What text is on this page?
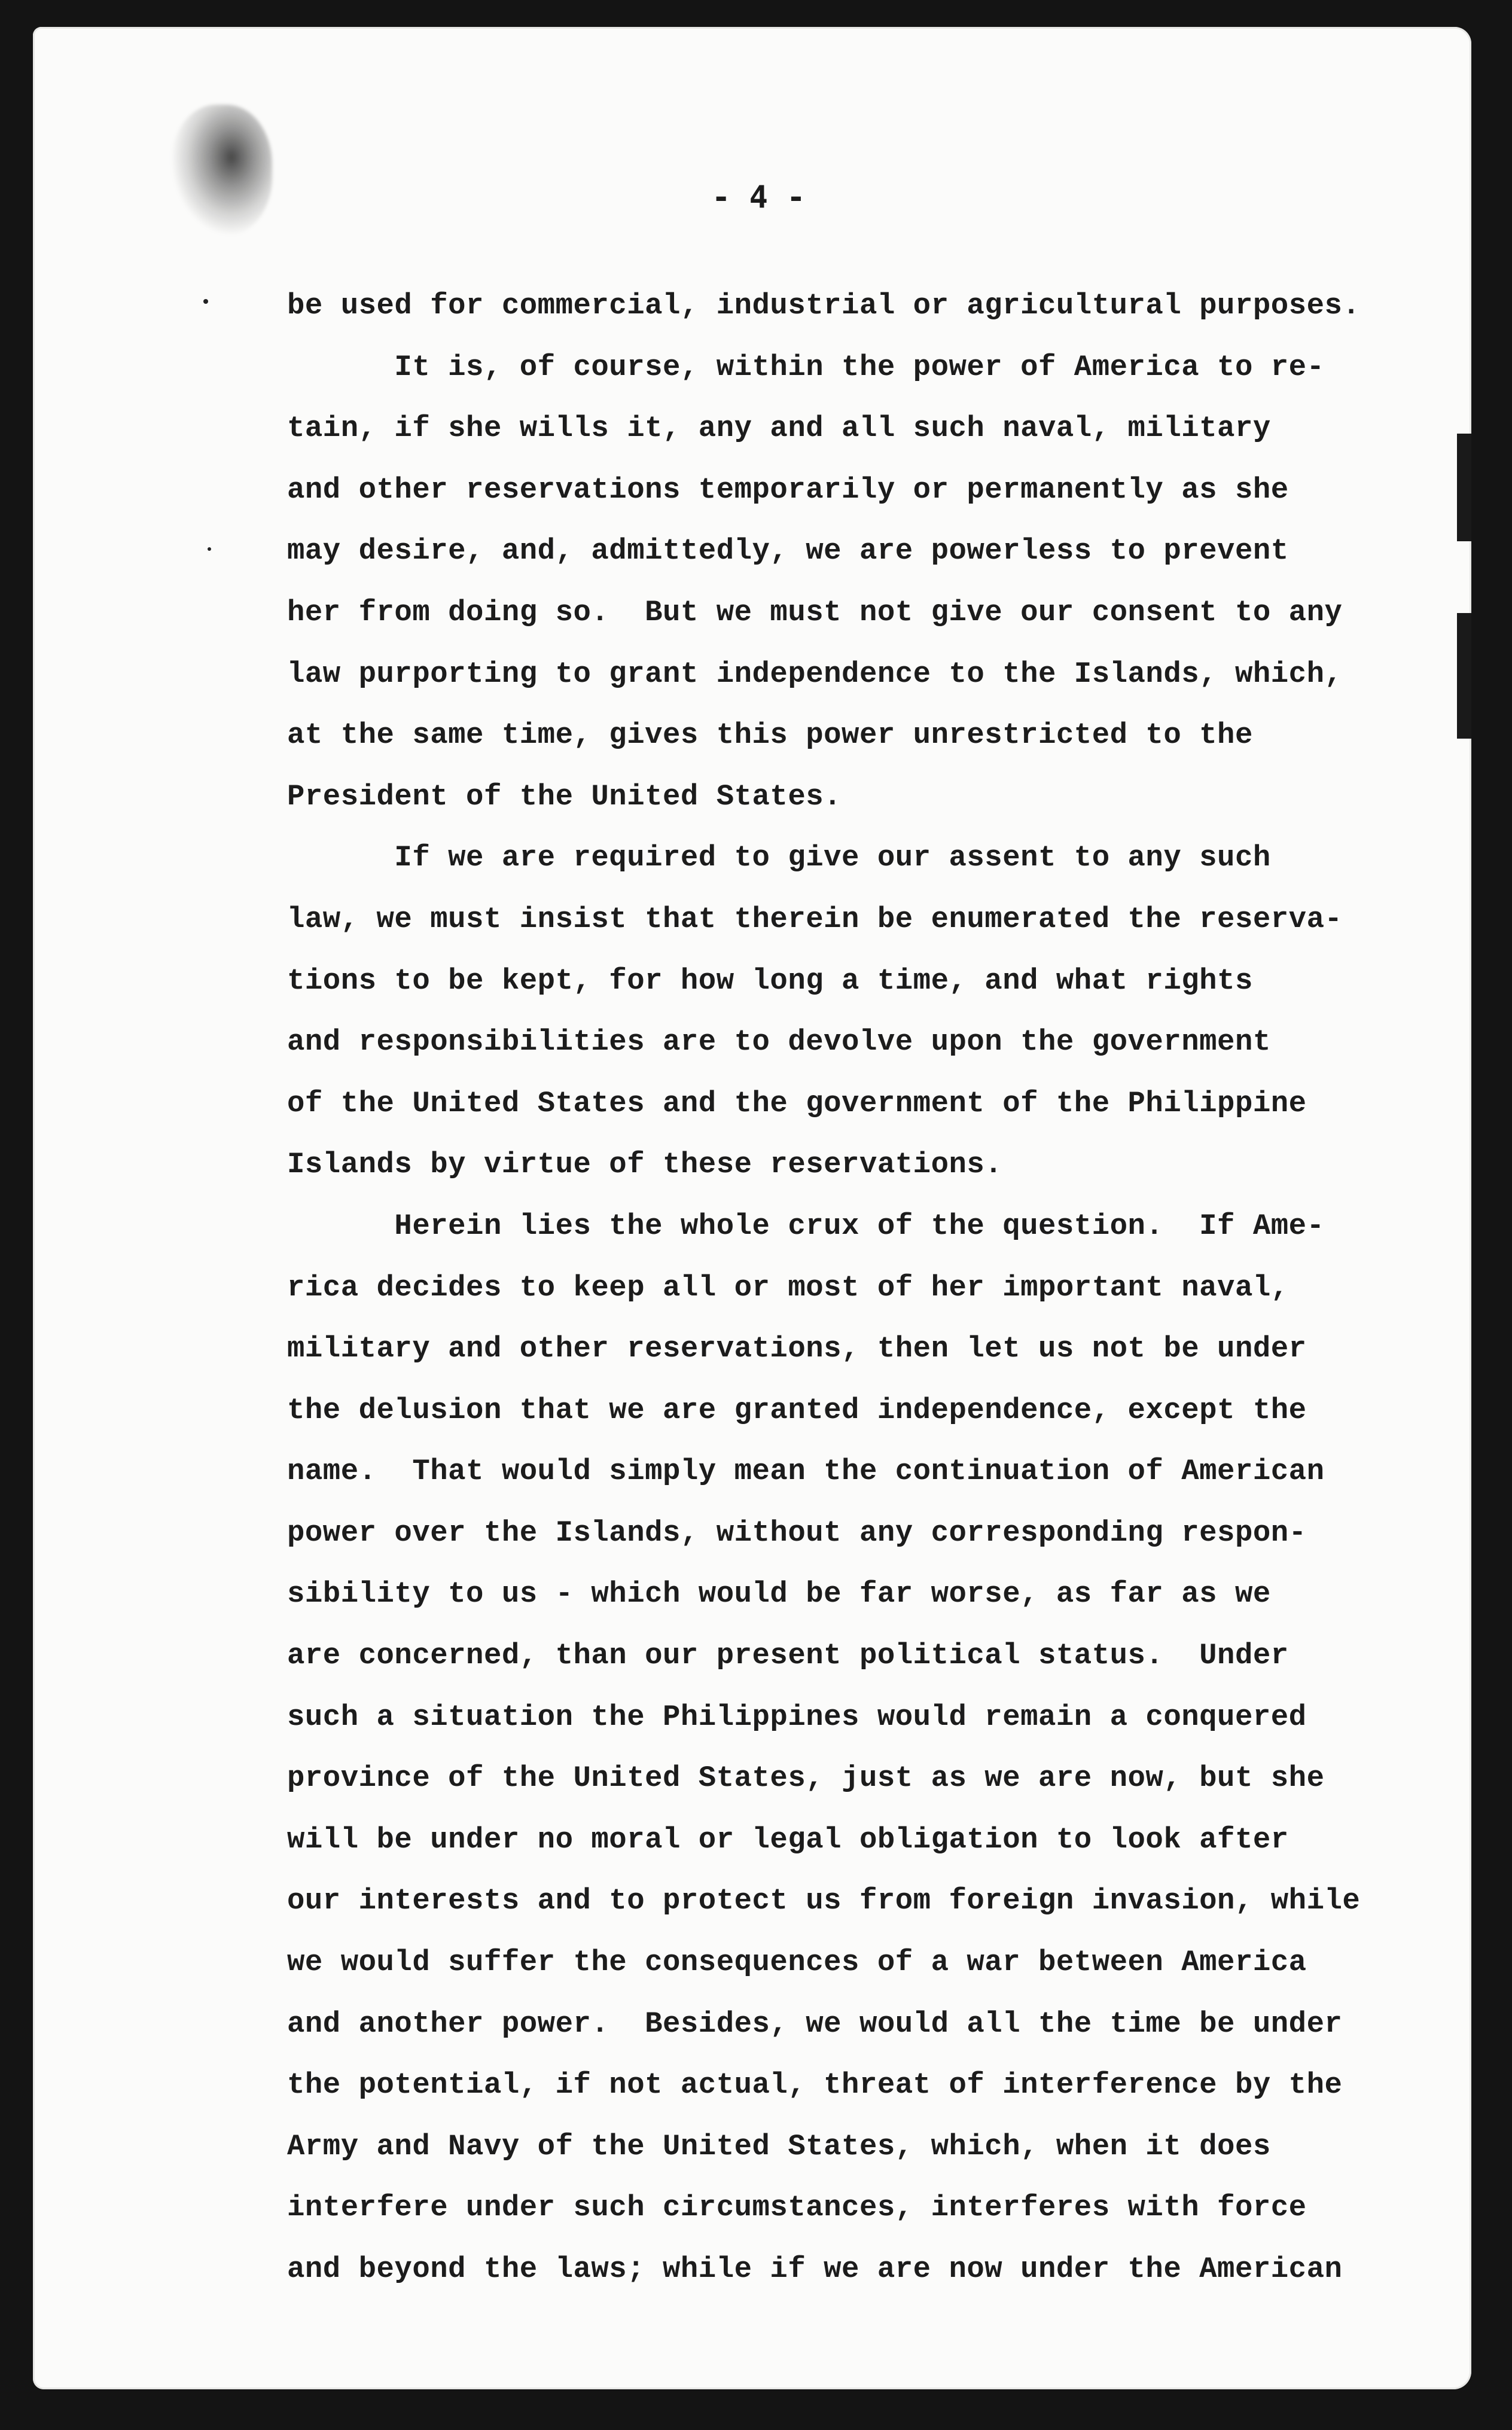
- 4 -
be used for commercial, industrial or agricultural purposes.
It is, of course, within the power of America to re-
tain, if she wills it, any and all such naval, military
and other reservations temporarily or permanently as she
may desire, and, admittedly, we are powerless to prevent
her from doing so.  But we must not give our consent to any
law purporting to grant independence to the Islands, which,
at the same time, gives this power unrestricted to the
President of the United States.
If we are required to give our assent to any such
law, we must insist that therein be enumerated the reserva-
tions to be kept, for how long a time, and what rights
and responsibilities are to devolve upon the government
of the United States and the government of the Philippine
Islands by virtue of these reservations.
Herein lies the whole crux of the question.  If Ame-
rica decides to keep all or most of her important naval,
military and other reservations, then let us not be under
the delusion that we are granted independence, except the
name.  That would simply mean the continuation of American
power over the Islands, without any corresponding respon-
sibility to us - which would be far worse, as far as we
are concerned, than our present political status.  Under
such a situation the Philippines would remain a conquered
province of the United States, just as we are now, but she
will be under no moral or legal obligation to look after
our interests and to protect us from foreign invasion, while
we would suffer the consequences of a war between America
and another power.  Besides, we would all the time be under
the potential, if not actual, threat of interference by the
Army and Navy of the United States, which, when it does
interfere under such circumstances, interferes with force
and beyond the laws; while if we are now under the American
